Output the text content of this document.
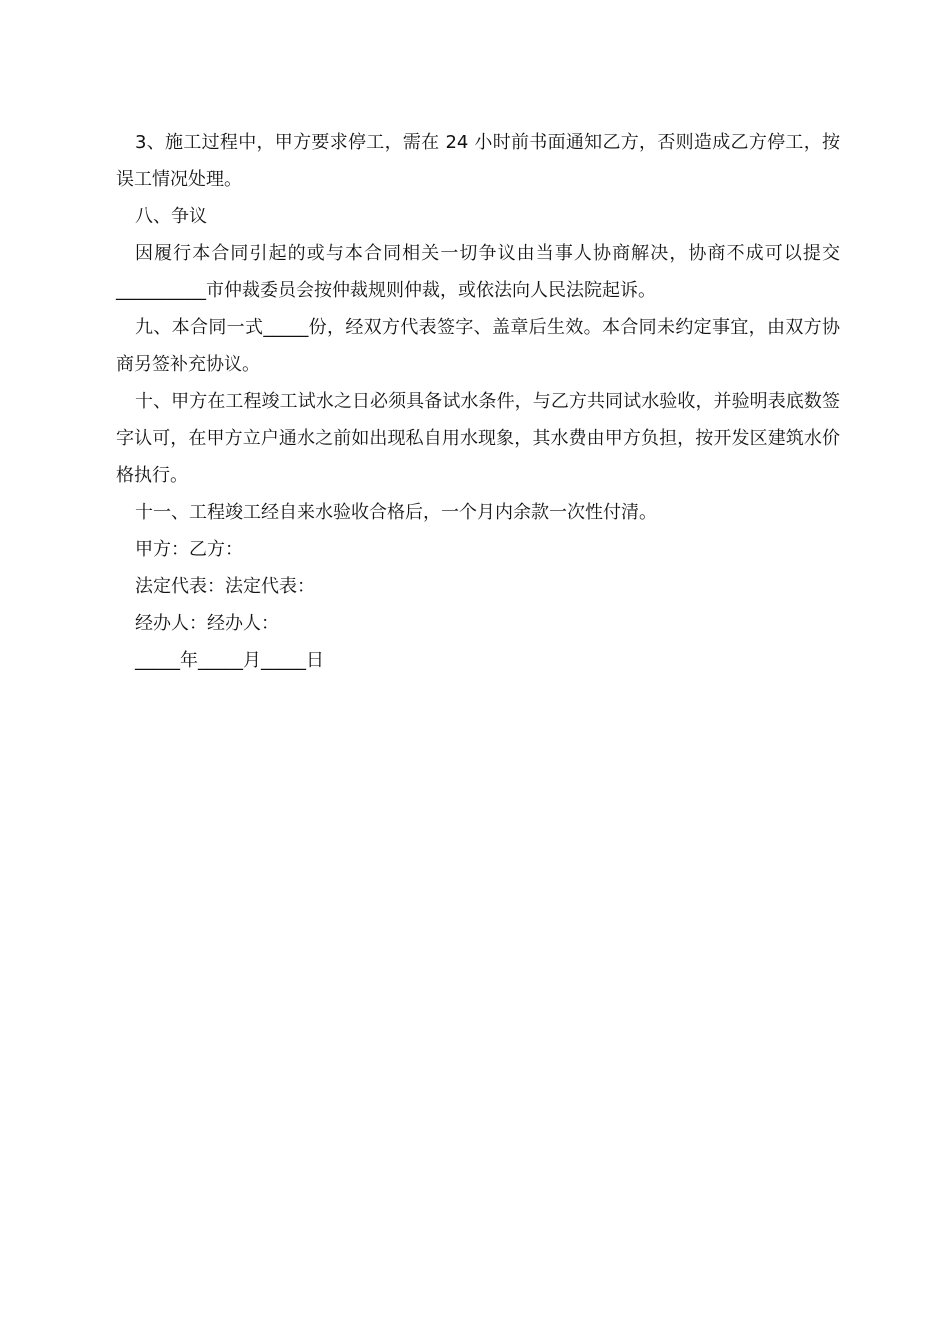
3、施工过程中，甲方要求停工，需在 24 小时前书面通知乙方，否则造成乙方停工，按误工情况处理。

八、争议

因履行本合同引起的或与本合同相关一切争议由当事人协商解决，协商不成可以提交__________市仲裁委员会按仲裁规则仲裁，或依法向人民法院起诉。

九、本合同一式_____份，经双方代表签字、盖章后生效。本合同未约定事宜，由双方协商另签补充协议。

十、甲方在工程竣工试水之日必须具备试水条件，与乙方共同试水验收，并验明表底数签字认可，在甲方立户通水之前如出现私自用水现象，其水费由甲方负担，按开发区建筑水价格执行。

十一、工程竣工经自来水验收合格后，一个月内余款一次性付清。

甲方：乙方：

法定代表：法定代表：

经办人：经办人：

_____年_____月_____日
